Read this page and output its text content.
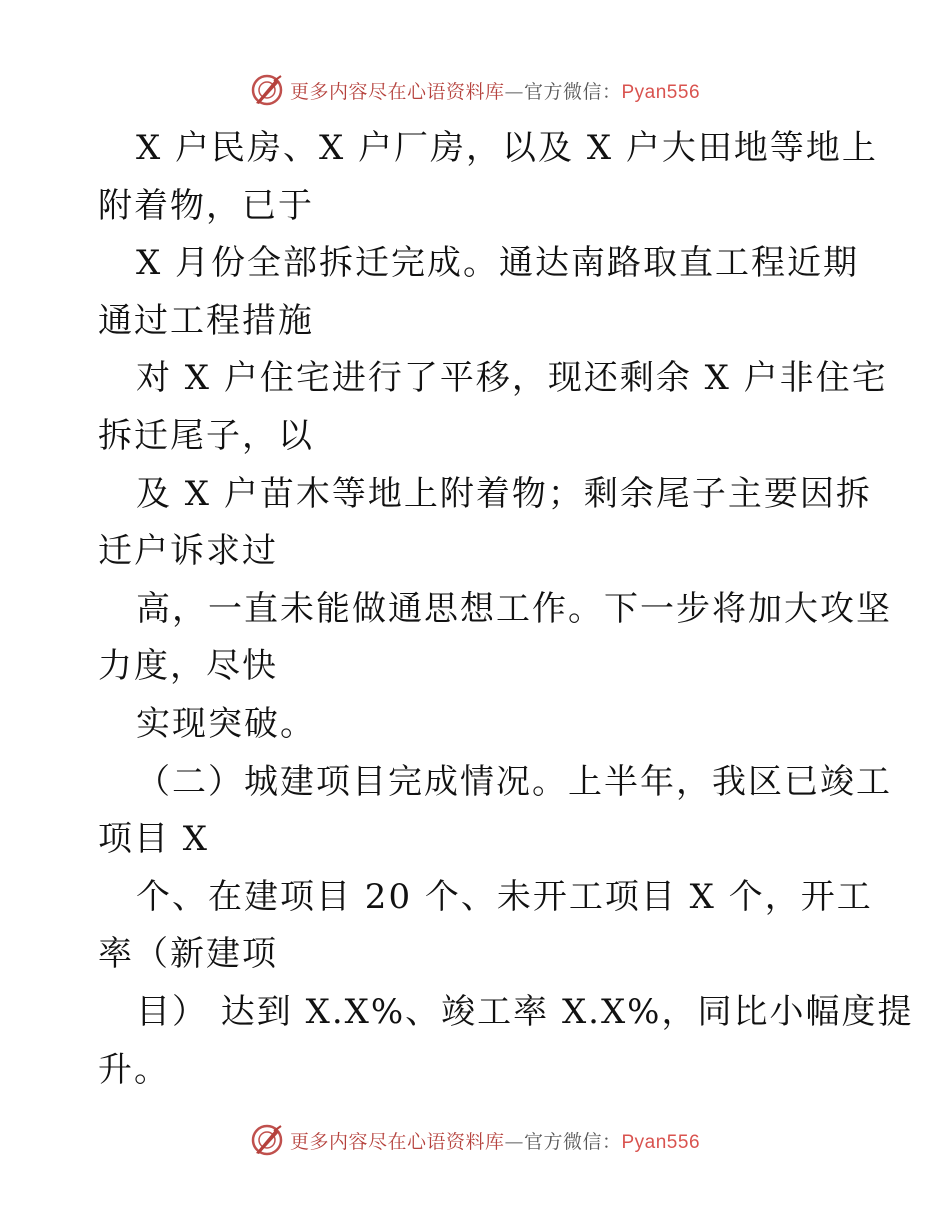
更多内容尽在心语资料库—官方微信：Pyan556
X 户民房、X 户厂房，以及 X 户大田地等地上
附着物，已于
X 月份全部拆迁完成。通达南路取直工程近期
通过工程措施
对 X 户住宅进行了平移，现还剩余 X 户非住宅
拆迁尾子，以
及 X 户苗木等地上附着物；剩余尾子主要因拆
迁户诉求过
高，一直未能做通思想工作。下一步将加大攻坚
力度，尽快
实现突破。
（二）城建项目完成情况。上半年，我区已竣工
项目 X
个、在建项目 20 个、未开工项目 X 个，开工
率（新建项
目） 达到 X.X%、竣工率 X.X%，同比小幅度提
升。
更多内容尽在心语资料库—官方微信：Pyan556
